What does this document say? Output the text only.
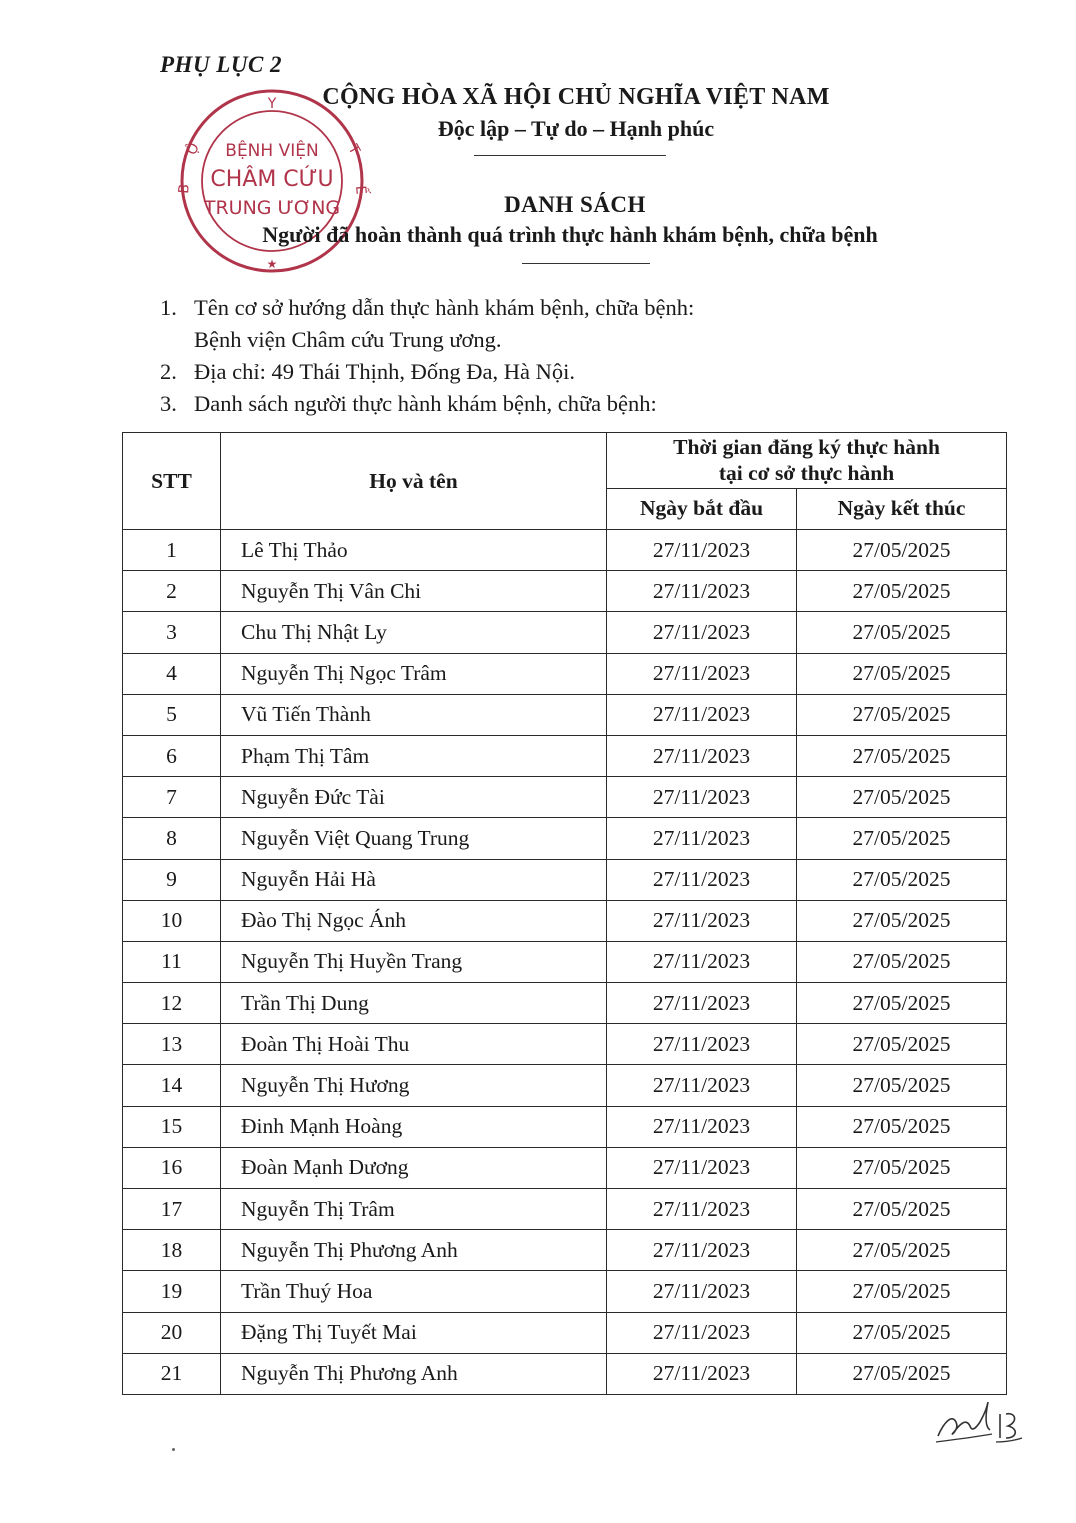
PHỤ LỤC 2
Y
Ộ
B
T
Ế
★
BỆNH VIỆN
CHÂM CỨU
TRUNG ƯƠNG
CỘNG HÒA XÃ HỘI CHỦ NGHĨA VIỆT NAM
Độc lập – Tự do – Hạnh phúc
DANH SÁCH
Người đã hoàn thành quá trình thực hành khám bệnh, chữa bệnh
1. Tên cơ sở hướng dẫn thực hành khám bệnh, chữa bệnh:
Bệnh viện Châm cứu Trung ương.
2. Địa chỉ: 49 Thái Thịnh, Đống Đa, Hà Nội.
3. Danh sách người thực hành khám bệnh, chữa bệnh:
STT	Họ và tên	Thời gian đăng ký thực hành
tại cơ sở thực hành	

		Ngày bắt đầu	Ngày kết thúc
1	Lê Thị Thảo	27/11/2023	27/05/2025
2	Nguyễn Thị Vân Chi	27/11/2023	27/05/2025
3	Chu Thị Nhật Ly	27/11/2023	27/05/2025
4	Nguyễn Thị Ngọc Trâm	27/11/2023	27/05/2025
5	Vũ Tiến Thành	27/11/2023	27/05/2025
6	Phạm Thị Tâm	27/11/2023	27/05/2025
7	Nguyễn Đức Tài	27/11/2023	27/05/2025
8	Nguyễn Việt Quang Trung	27/11/2023	27/05/2025
9	Nguyễn Hải Hà	27/11/2023	27/05/2025
10	Đào Thị Ngọc Ánh	27/11/2023	27/05/2025
11	Nguyễn Thị Huyền Trang	27/11/2023	27/05/2025
12	Trần Thị Dung	27/11/2023	27/05/2025
13	Đoàn Thị Hoài Thu	27/11/2023	27/05/2025
14	Nguyễn Thị Hương	27/11/2023	27/05/2025
15	Đinh Mạnh Hoàng	27/11/2023	27/05/2025
16	Đoàn Mạnh Dương	27/11/2023	27/05/2025
17	Nguyễn Thị Trâm	27/11/2023	27/05/2025
18	Nguyễn Thị Phương Anh	27/11/2023	27/05/2025
19	Trần Thuý Hoa	27/11/2023	27/05/2025
20	Đặng Thị Tuyết Mai	27/11/2023	27/05/2025
21	Nguyễn Thị Phương Anh	27/11/2023	27/05/2025
